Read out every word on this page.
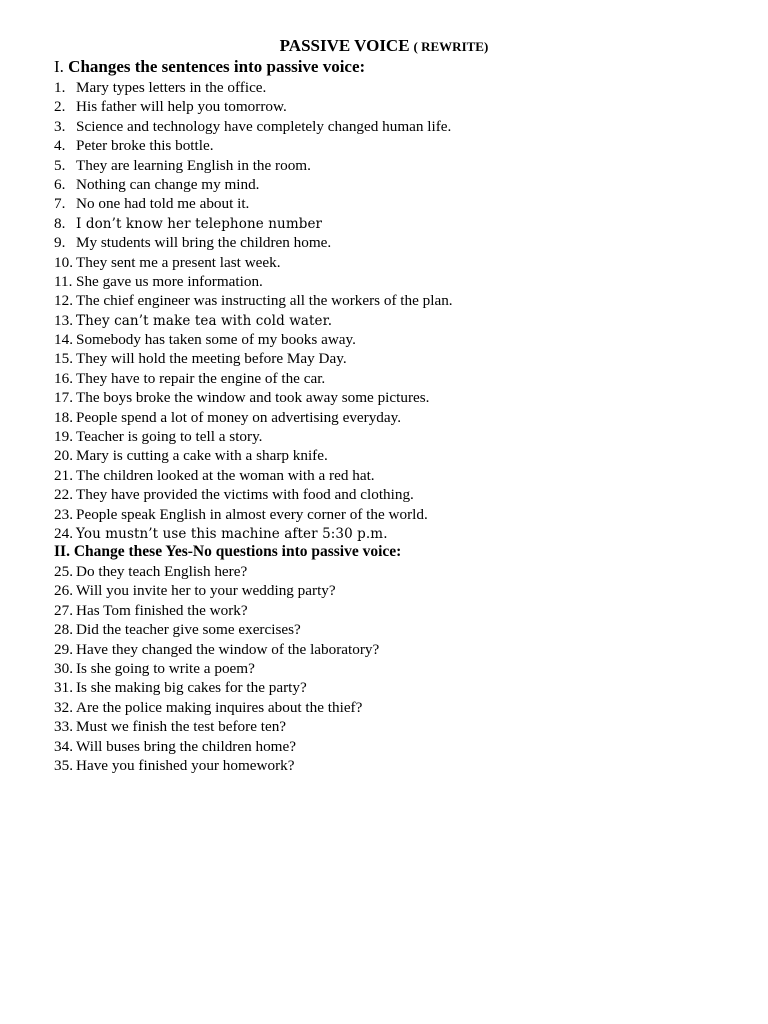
PASSIVE VOICE ( REWRITE)
I. Changes the sentences into passive voice:
1. Mary types letters in the office.
2. His father will help you tomorrow.
3. Science and technology have completely changed human life.
4. Peter broke this bottle.
5. They are learning English in the room.
6. Nothing can change my mind.
7. No one had told me about it.
8. I don’t know her telephone number
9. My students will bring the children home.
10. They sent me a present last week.
11. She gave us more information.
12. The chief engineer was instructing all the workers of the plan.
13. They can’t make tea with cold water.
14. Somebody has taken some of my books away.
15. They will hold the meeting before May Day.
16. They have to repair the engine of the car.
17. The boys broke the window and took away some pictures.
18. People spend a lot of money on advertising everyday.
19. Teacher is going to tell a story.
20. Mary is cutting a cake with a sharp knife.
21. The children looked at the woman with a red hat.
22. They have provided the victims with food and clothing.
23. People speak English in almost every corner of the world.
24. You mustn’t use this machine after 5:30 p.m.
II. Change these Yes-No questions into passive voice:
25. Do they teach English here?
26. Will you invite her to your wedding party?
27. Has Tom finished the work?
28. Did the teacher give some exercises?
29. Have they changed the window of the laboratory?
30. Is she going to write a poem?
31. Is she making big cakes for the party?
32. Are the police making inquires about the thief?
33. Must we finish the test before ten?
34. Will buses bring the children home?
35. Have you finished your homework?
